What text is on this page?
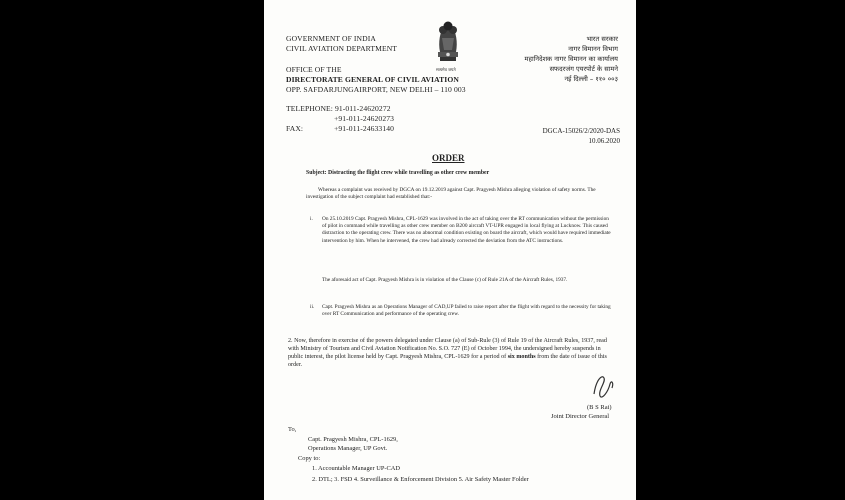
GOVERNMENT OF INDIA
CIVIL AVIATION DEPARTMENT
OFFICE OF THE
DIRECTORATE GENERAL OF CIVIL AVIATION
OPP. SAFDARJUNGAIRPORT, NEW DELHI – 110 003
TELEPHONE: 91-011-24620272
+91-011-24620273
FAX:	+91-011-24633140
सत्यमेव जयते
भारत सरकार
नागर विमानन विभाग
महानिदेशक नागर विमानन का कार्यालय
सफदरजंग एयरपोर्ट के सामने
नई दिल्ली – ११० ००३
DGCA-15026/2/2020-DAS
10.06.2020
ORDER
Subject: Distracting the flight crew while travelling as other crew member
Whereas a complaint was received by DGCA on 19.12.2019 against Capt. Pragyesh Mishra alleging violation of safety norms. The investigation of the subject complaint had established that:-
i. On 25.10.2019 Capt. Pragyesh Mishra, CPL-1629 was involved in the act of taking over the RT communication without the permission of pilot in command while travelling as other crew member on B200 aircraft VT-UPR engaged in local flying at Lucknow. This caused distraction to the operating crew. There was no abnormal condition existing on board the aircraft, which would have required immediate intervention by him. When he intervened, the crew had already corrected the deviation from the ATC instructions.
The aforesaid act of Capt. Pragyesh Mishra is in violation of the Clause (c) of Rule 21A of the Aircraft Rules, 1937.
ii. Capt. Pragyesh Mishra as an Operations Manager of CAD,UP failed to raise report after the flight with regard to the necessity for taking over RT Communication and performance of the operating crew.
2. Now, therefore in exercise of the powers delegated under Clause (a) of Sub-Rule (3) of Rule 19 of the Aircraft Rules, 1937, read with Ministry of Tourism and Civil Aviation Notification No. S.O. 727 (E) of October 1994, the undersigned hereby suspends in public interest, the pilot license held by Capt. Pragyesh Mishra, CPL-1629 for a period of six months from the date of issue of this order.
(B S Rai)
Joint Director General
To,
Capt. Pragyesh Mishra, CPL-1629,
Operations Manager, UP Govt.
Copy to:
1. Accountable Manager UP-CAD
2. DTL; 3. FSD 4. Surveillance & Enforcement Division 5. Air Safety Master Folder
